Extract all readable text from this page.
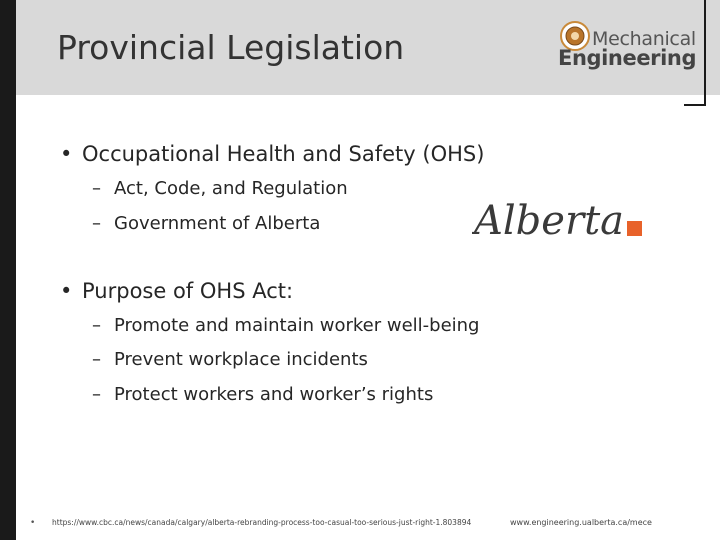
Provincial Legislation	Mechanical
Engineering
• Occupational Health and Safety (OHS)
– Act, Code, and Regulation
– Government of Alberta	Alberta
• Purpose of OHS Act:
– Promote and maintain worker well-being
– Prevent workplace incidents
– Protect workers and worker’s rights
• https://www.cbc.ca/news/canada/calgary/alberta-rebranding-process-too-casual-too-serious-just-right-1.803894	www.engineering.ualberta.ca/mece
